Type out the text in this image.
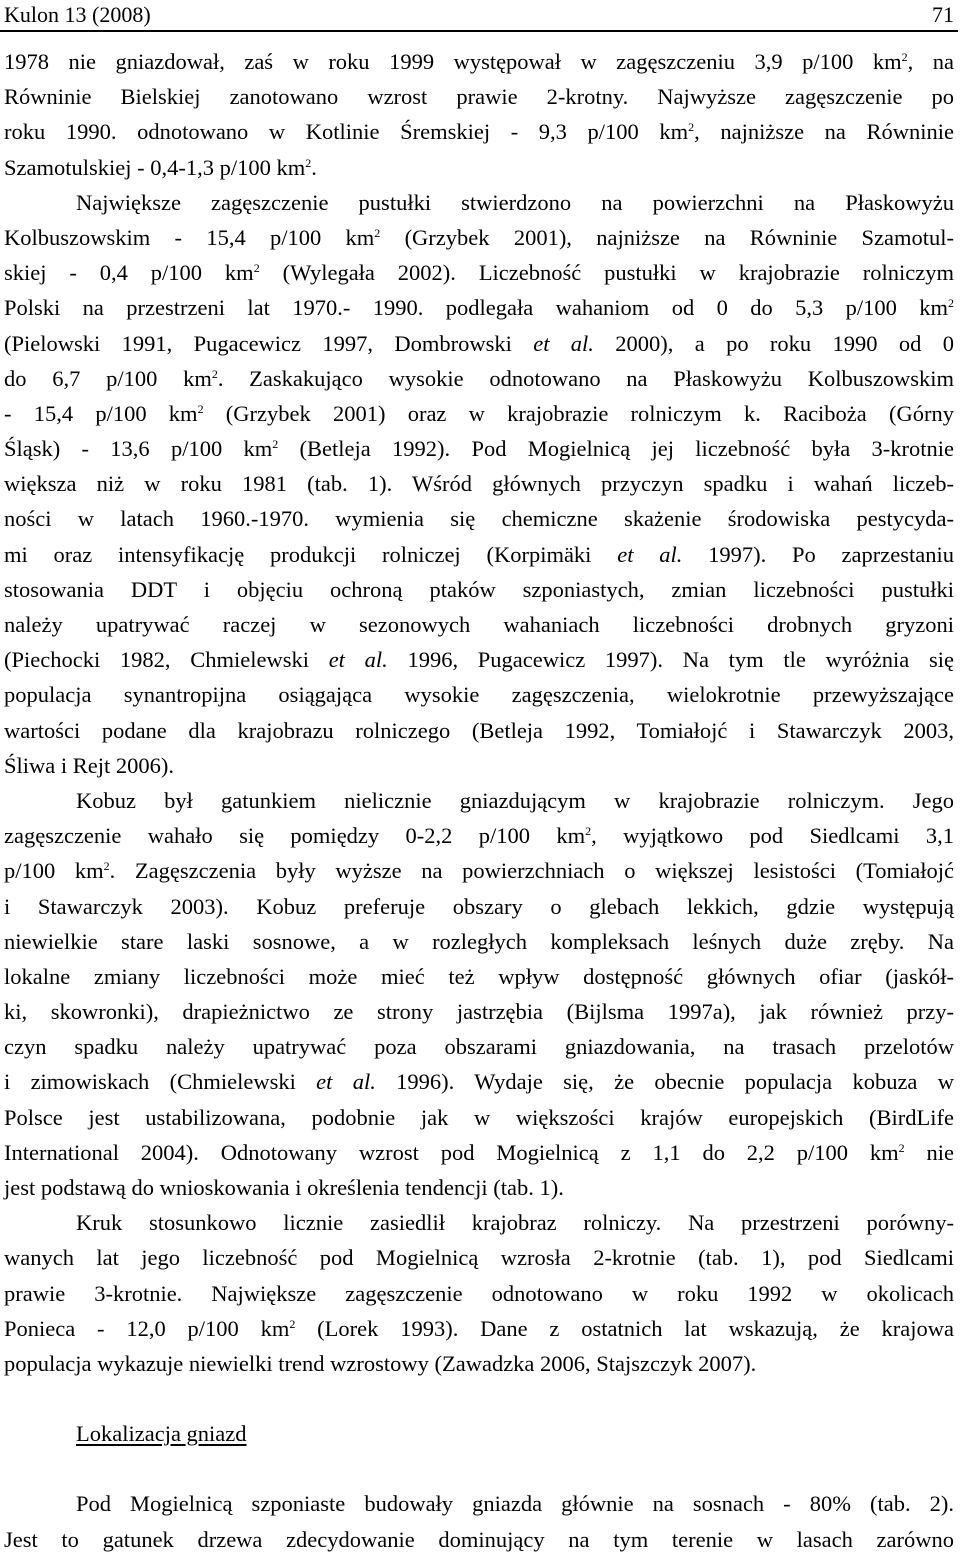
Kulon 13 (2008)	71
1978 nie gniazdował, zaś w roku 1999 występował w zagęszczeniu 3,9 p/100 $km^2$, na
Równinie Bielskiej zanotowano wzrost prawie 2-krotny. Najwyższe zagęszczenie po
roku 1990. odnotowano w Kotlinie Śremskiej - 9,3 p/100 $km^2$, najniższe na Równinie
Szamotulskiej - 0,4-1,3 p/100 $km^2$.
Największe zagęszczenie pustułki stwierdzono na powierzchni na Płaskowyżu
Kolbuszowskim - 15,4 p/100 $km^2$ (Grzybek 2001), najniższe na Równinie Szamotul-
skiej - 0,4 p/100 $km^2$ (Wylegała 2002). Liczebność pustułki w krajobrazie rolniczym
Polski na przestrzeni lat 1970.- 1990. podlegała wahaniom od 0 do 5,3 p/100 $km^2$
(Pielowski 1991, Pugacewicz 1997, Dombrowski et al. 2000), a po roku 1990 od 0
do 6,7 p/100 $km^2$. Zaskakująco wysokie odnotowano na Płaskowyżu Kolbuszowskim
- 15,4 p/100 $km^2$ (Grzybek 2001) oraz w krajobrazie rolniczym k. Raciboża (Górny
Śląsk) - 13,6 p/100 $km^2$ (Betleja 1992). Pod Mogielnicą jej liczebność była 3-krotnie
większa niż w roku 1981 (tab. 1). Wśród głównych przyczyn spadku i wahań liczeb-
ności w latach 1960.-1970. wymienia się chemiczne skażenie środowiska pestycyda-
mi oraz intensyfikację produkcji rolniczej (Korpimäki et al. 1997). Po zaprzestaniu
stosowania DDT i objęciu ochroną ptaków szponiastych, zmian liczebności pustułki
należy upatrywać raczej w sezonowych wahaniach liczebności drobnych gryzoni
(Piechocki 1982, Chmielewski et al. 1996, Pugacewicz 1997). Na tym tle wyróżnia się
populacja synantropijna osiągająca wysokie zagęszczenia, wielokrotnie przewyższające
wartości podane dla krajobrazu rolniczego (Betleja 1992, Tomiałojć i Stawarczyk 2003,
Śliwa i Rejt 2006).
Kobuz był gatunkiem nielicznie gniazdującym w krajobrazie rolniczym. Jego
zagęszczenie wahało się pomiędzy 0-2,2 p/100 $km^2$, wyjątkowo pod Siedlcami 3,1
p/100 $km^2$. Zagęszczenia były wyższe na powierzchniach o większej lesistości (Tomiałojć
i Stawarczyk 2003). Kobuz preferuje obszary o glebach lekkich, gdzie występują
niewielkie stare laski sosnowe, a w rozległych kompleksach leśnych duże zręby. Na
lokalne zmiany liczebności może mieć też wpływ dostępność głównych ofiar (jaskół-
ki, skowronki), drapieżnictwo ze strony jastrzębia (Bijlsma 1997a), jak również przy-
czyn spadku należy upatrywać poza obszarami gniazdowania, na trasach przelotów
i zimowiskach (Chmielewski et al. 1996). Wydaje się, że obecnie populacja kobuza w
Polsce jest ustabilizowana, podobnie jak w większości krajów europejskich (BirdLife
International 2004). Odnotowany wzrost pod Mogielnicą z 1,1 do 2,2 p/100 $km^2$ nie
jest podstawą do wnioskowania i określenia tendencji (tab. 1).
Kruk stosunkowo licznie zasiedlił krajobraz rolniczy. Na przestrzeni porówny-
wanych lat jego liczebność pod Mogielnicą wzrosła 2-krotnie (tab. 1), pod Siedlcami
prawie 3-krotnie. Największe zagęszczenie odnotowano w roku 1992 w okolicach
Ponieca - 12,0 p/100 $km^2$ (Lorek 1993). Dane z ostatnich lat wskazują, że krajowa
populacja wykazuje niewielki trend wzrostowy (Zawadzka 2006, Stajszczyk 2007).
Lokalizacja gniazd
Pod Mogielnicą szponiaste budowały gniazda głównie na sosnach - 80% (tab. 2).
Jest to gatunek drzewa zdecydowanie dominujący na tym terenie w lasach zarówno
